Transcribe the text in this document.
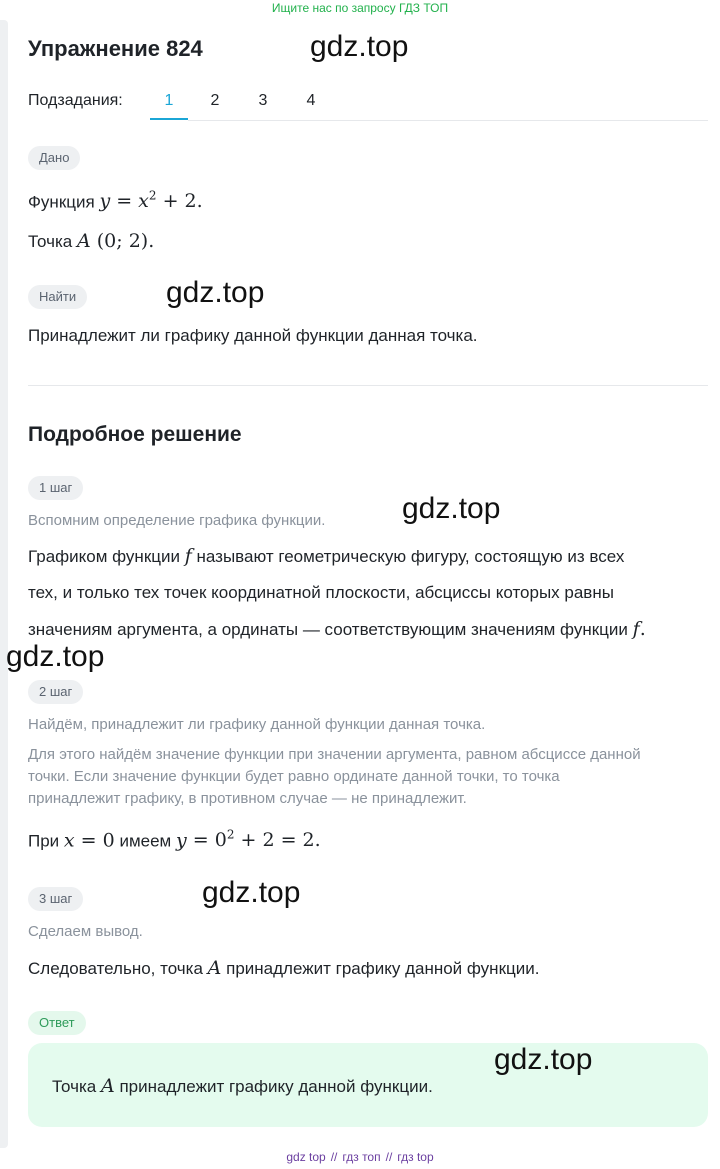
Ищите нас по запросу ГДЗ ТОП
Упражнение 824	gdz.top
Подзадания:	1	2	3	4
Дано
Функция $y = x^2 + 2$.
Точка A (0; 2).
Найти	gdz.top
Принадлежит ли графику данной функции данная точка.
Подробное решение
1 шаг
gdz.top
Вспомним определение графика функции.
Графиком функции f называют геометрическую фигуру, состоящую из всех
тех, и только тех точек координатной плоскости, абсциссы которых равны
значениям аргумента, а ординаты — соответствующим значениям функции f.
gdz.top
2 шаг
Найдём, принадлежит ли графику данной функции данная точка.
Для этого найдём значение функции при значении аргумента, равном абсциссе данной
точки. Если значение функции будет равно ординате данной точки, то точка
принадлежит графику, в противном случае — не принадлежит.
При x = 0 имеем $y = 0^2 + 2 = 2$.
3 шаг	gdz.top
Сделаем вывод.
Следовательно, точка A принадлежит графику данной функции.
Ответ
Точка A принадлежит графику данной функции.
gdz.top
gdz top // гдз топ // гдз top
